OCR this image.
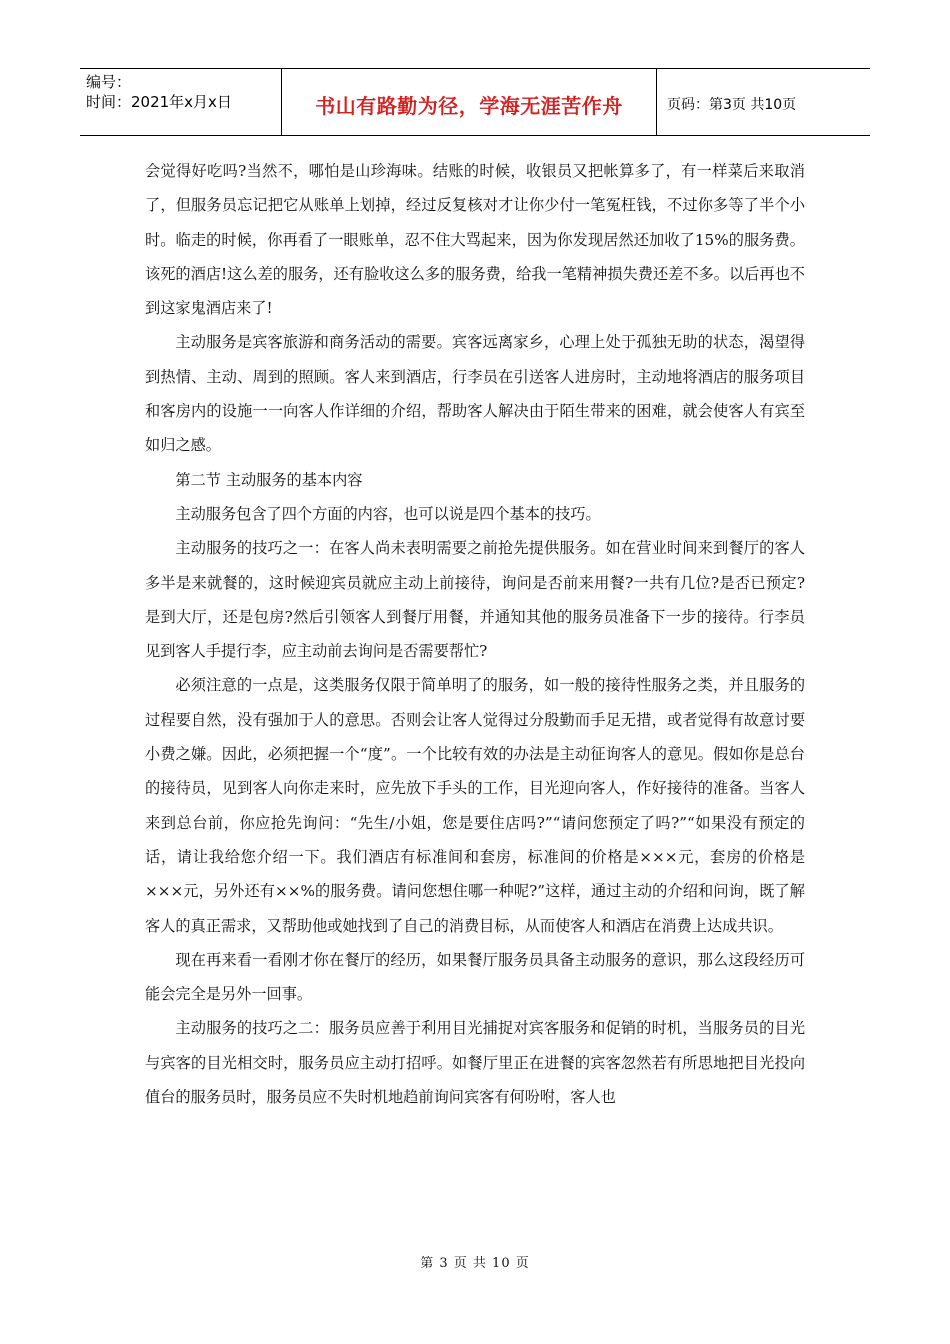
编号：
时间：2021年x月x日	书山有路勤为径，学海无涯苦作舟	页码：第3页 共10页

会觉得好吃吗?当然不，哪怕是山珍海味。结账的时候，收银员又把帐算多了，有一样菜后来取消了，但服务员忘记把它从账单上划掉，经过反复核对才让你少付一笔冤枉钱，不过你多等了半个小时。临走的时候，你再看了一眼账单，忍不住大骂起来，因为你发现居然还加收了15%的服务费。该死的酒店!这么差的服务，还有脸收这么多的服务费，给我一笔精神损失费还差不多。以后再也不到这家鬼酒店来了!

主动服务是宾客旅游和商务活动的需要。宾客远离家乡，心理上处于孤独无助的状态，渴望得到热情、主动、周到的照顾。客人来到酒店，行李员在引送客人进房时，主动地将酒店的服务项目和客房内的设施一一向客人作详细的介绍，帮助客人解决由于陌生带来的困难，就会使客人有宾至如归之感。

第二节 主动服务的基本内容

主动服务包含了四个方面的内容，也可以说是四个基本的技巧。

主动服务的技巧之一：在客人尚未表明需要之前抢先提供服务。如在营业时间来到餐厅的客人多半是来就餐的，这时候迎宾员就应主动上前接待，询问是否前来用餐?一共有几位?是否已预定?是到大厅，还是包房?然后引领客人到餐厅用餐，并通知其他的服务员准备下一步的接待。行李员见到客人手提行李，应主动前去询问是否需要帮忙?

必须注意的一点是，这类服务仅限于简单明了的服务，如一般的接待性服务之类，并且服务的过程要自然，没有强加于人的意思。否则会让客人觉得过分殷勤而手足无措，或者觉得有故意讨要小费之嫌。因此，必须把握一个“度”。一个比较有效的办法是主动征询客人的意见。假如你是总台的接待员，见到客人向你走来时，应先放下手头的工作，目光迎向客人，作好接待的准备。当客人来到总台前，你应抢先询问：“先生/小姐，您是要住店吗?”“请问您预定了吗?”“如果没有预定的话，请让我给您介绍一下。我们酒店有标准间和套房，标准间的价格是×××元，套房的价格是×××元，另外还有××%的服务费。请问您想住哪一种呢?”这样，通过主动的介绍和问询，既了解客人的真正需求，又帮助他或她找到了自己的消费目标，从而使客人和酒店在消费上达成共识。

现在再来看一看刚才你在餐厅的经历，如果餐厅服务员具备主动服务的意识，那么这段经历可能会完全是另外一回事。

主动服务的技巧之二：服务员应善于利用目光捕捉对宾客服务和促销的时机，当服务员的目光与宾客的目光相交时，服务员应主动打招呼。如餐厅里正在进餐的宾客忽然若有所思地把目光投向值台的服务员时，服务员应不失时机地趋前询问宾客有何吩咐，客人也

第 3 页 共 10 页
